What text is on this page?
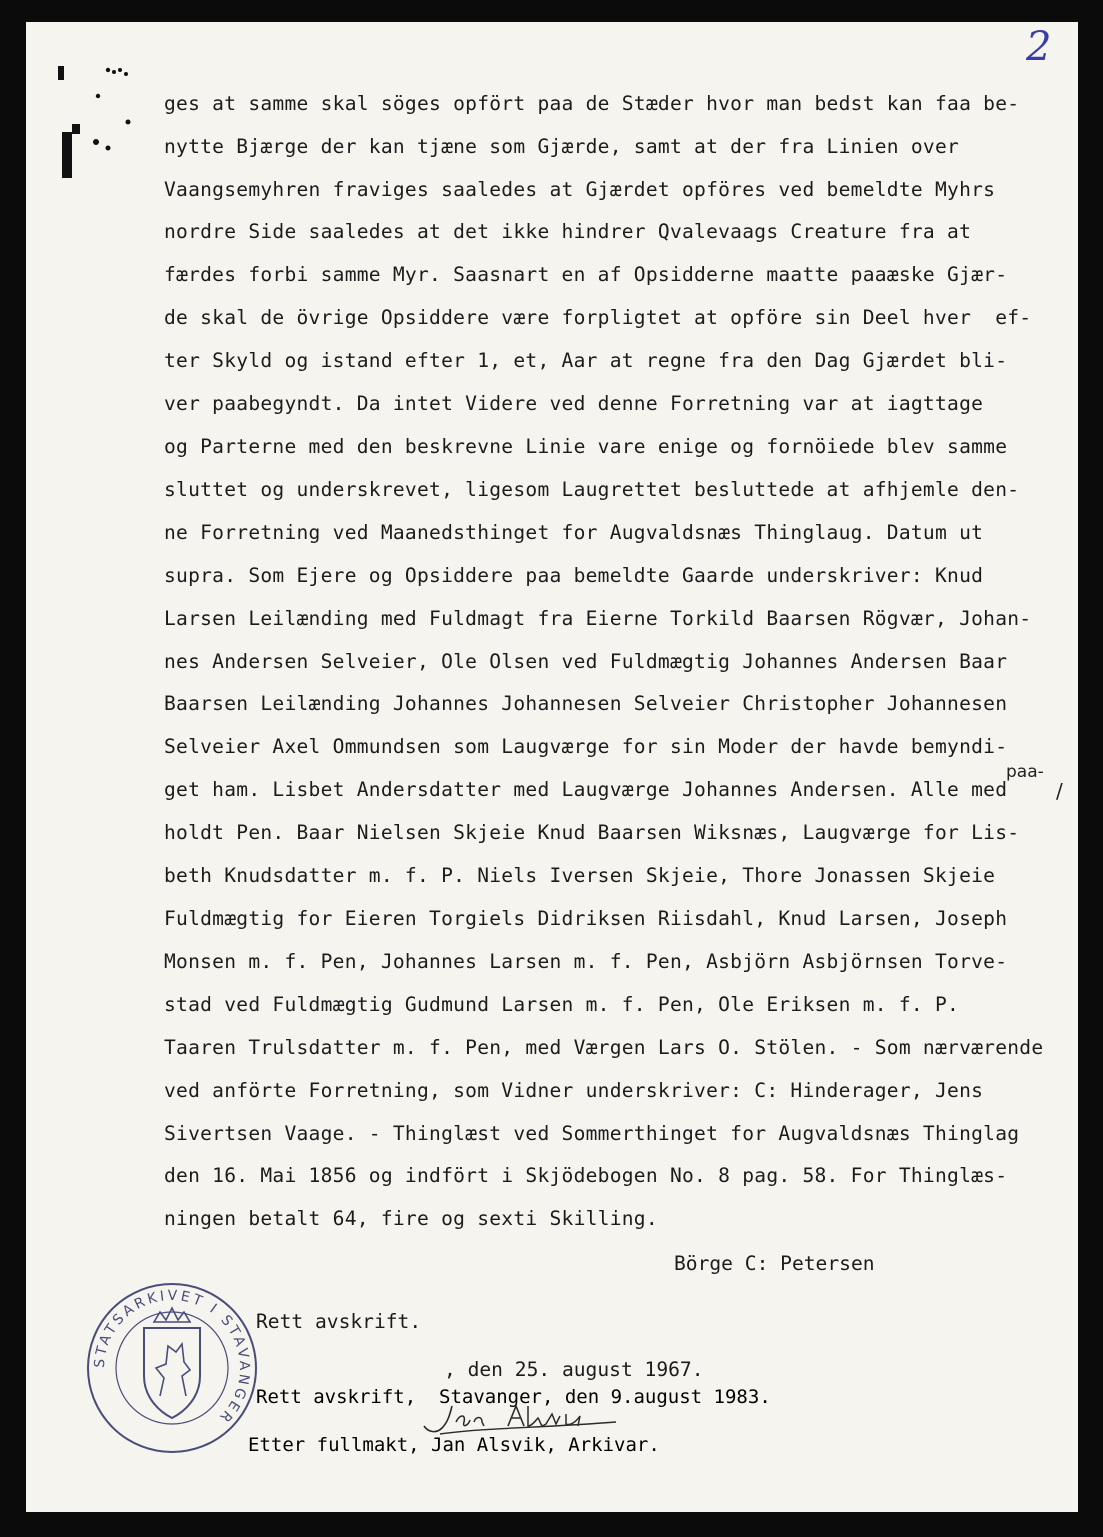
2

ges at samme skal söges opfört paa de Stæder hvor man bedst kan faa be-

nytte Bjærge der kan tjæne som Gjærde, samt at der fra Linien over

Vaangsemyhren fraviges saaledes at Gjærdet opföres ved bemeldte Myhrs

nordre Side saaledes at det ikke hindrer Qvalevaags Creature fra at

færdes forbi samme Myr. Saasnart en af Opsidderne maatte paaæske Gjær-

de skal de övrige Opsiddere være forpligtet at opföre sin Deel hver  ef-

ter Skyld og istand efter 1, et, Aar at regne fra den Dag Gjærdet bli-

ver paabegyndt. Da intet Videre ved denne Forretning var at iagttage

og Parterne med den beskrevne Linie vare enige og fornöiede blev samme

sluttet og underskrevet, ligesom Laugrettet besluttede at afhjemle den-

ne Forretning ved Maanedsthinget for Augvaldsnæs Thinglaug. Datum ut

supra. Som Ejere og Opsiddere paa bemeldte Gaarde underskriver: Knud

Larsen Leilænding med Fuldmagt fra Eierne Torkild Baarsen Rögvær, Johan-

nes Andersen Selveier, Ole Olsen ved Fuldmægtig Johannes Andersen Baar

Baarsen Leilænding Johannes Johannesen Selveier Christopher Johannesen

Selveier Axel Ommundsen som Laugværge for sin Moder der havde bemyndi-

get ham. Lisbet Andersdatter med Laugværge Johannes Andersen. Alle med

holdt Pen. Baar Nielsen Skjeie Knud Baarsen Wiksnæs, Laugværge for Lis-

beth Knudsdatter m. f. P. Niels Iversen Skjeie, Thore Jonassen Skjeie

Fuldmægtig for Eieren Torgiels Didriksen Riisdahl, Knud Larsen, Joseph

Monsen m. f. Pen, Johannes Larsen m. f. Pen, Asbjörn Asbjörnsen Torve-

stad ved Fuldmægtig Gudmund Larsen m. f. Pen, Ole Eriksen m. f. P.

Taaren Trulsdatter m. f. Pen, med Værgen Lars O. Stölen. - Som nærværende

ved anförte Forretning, som Vidner underskriver: C: Hinderager, Jens

Sivertsen Vaage. - Thinglæst ved Sommerthinget for Augvaldsnæs Thinglag

den 16. Mai 1856 og indfört i Skjödebogen No. 8 pag. 58. For Thinglæs-

ningen betalt 64, fire og sexti Skilling.

paa-
/

Börge C: Petersen

Rett avskrift.

, den 25. august 1967.

Rett avskrift,  Stavanger, den 9.august 1983.

Etter fullmakt, Jan Alsvik, Arkivar.

STATSARKIVET I STAVANGER
